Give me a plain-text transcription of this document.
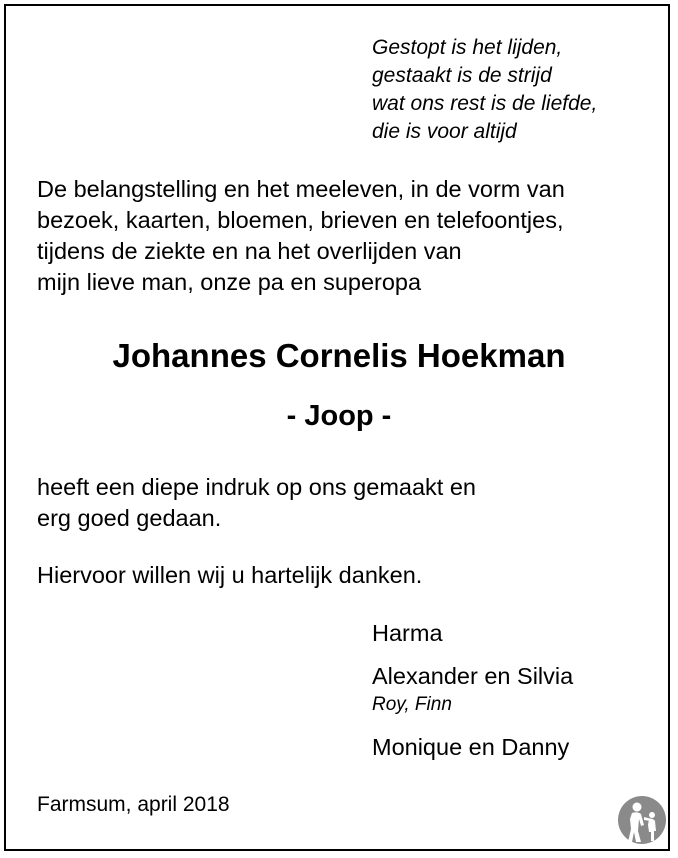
Gestopt is het lijden,
gestaakt is de strijd
wat ons rest is de liefde,
die is voor altijd
De belangstelling en het meeleven, in de vorm van
bezoek, kaarten, bloemen, brieven en telefoontjes,
tijdens de ziekte en na het overlijden van
mijn lieve man, onze pa en superopa
Johannes Cornelis Hoekman
- Joop -
heeft een diepe indruk op ons gemaakt en
erg goed gedaan.
Hiervoor willen wij u hartelijk danken.
Harma
Alexander en Silvia
Roy, Finn
Monique en Danny
Farmsum, april 2018
